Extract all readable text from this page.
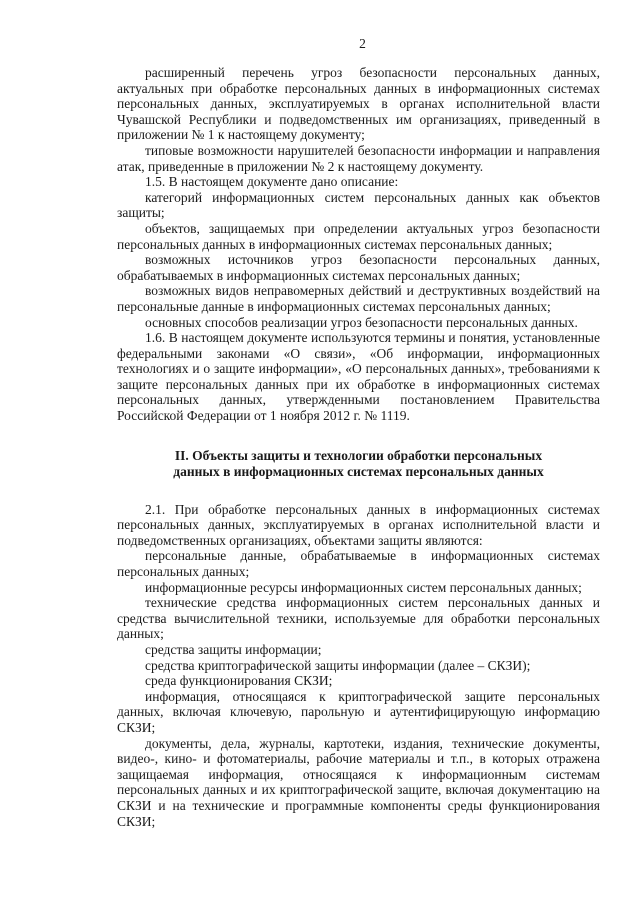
2

расширенный перечень угроз безопасности персональных данных, актуальных при обработке персональных данных в информационных системах персональных данных, эксплуатируемых в органах исполнительной власти Чувашской Республики и подведомственных им организациях, приведенный в приложении № 1 к настоящему документу;

типовые возможности нарушителей безопасности информации и направления атак, приведенные в приложении № 2 к настоящему документу.

1.5. В настоящем документе дано описание:

категорий информационных систем персональных данных как объектов защиты;

объектов, защищаемых при определении актуальных угроз безопасности персональных данных в информационных системах персональных данных;

возможных источников угроз безопасности персональных данных, обрабатываемых в информационных системах персональных данных;

возможных видов неправомерных действий и деструктивных воздействий на персональные данные в информационных системах персональных данных;

основных способов реализации угроз безопасности персональных данных.

1.6. В настоящем документе используются термины и понятия, установленные федеральными законами «О связи», «Об информации, информационных технологиях и о защите информации», «О персональных данных», требованиями к защите персональных данных при их обработке в информационных системах персональных данных, утвержденными постановлением Правительства Российской Федерации от 1 ноября 2012 г. № 1119.

II. Объекты защиты и технологии обработки персональных
данных в информационных системах персональных данных

2.1. При обработке персональных данных в информационных системах персональных данных, эксплуатируемых в органах исполнительной власти и подведомственных организациях, объектами защиты являются:

персональные данные, обрабатываемые в информационных системах персональных данных;

информационные ресурсы информационных систем персональных данных;

технические средства информационных систем персональных данных и средства вычислительной техники, используемые для обработки персональных данных;

средства защиты информации;

средства криптографической защиты информации (далее – СКЗИ);

среда функционирования СКЗИ;

информация, относящаяся к криптографической защите персональных данных, включая ключевую, парольную и аутентифицирующую информацию СКЗИ;

документы, дела, журналы, картотеки, издания, технические документы, видео-, кино- и фотоматериалы, рабочие материалы и т.п., в которых отражена защищаемая информация, относящаяся к информационным системам персональных данных и их криптографической защите, включая документацию на СКЗИ и на технические и программные компоненты среды функционирования СКЗИ;
